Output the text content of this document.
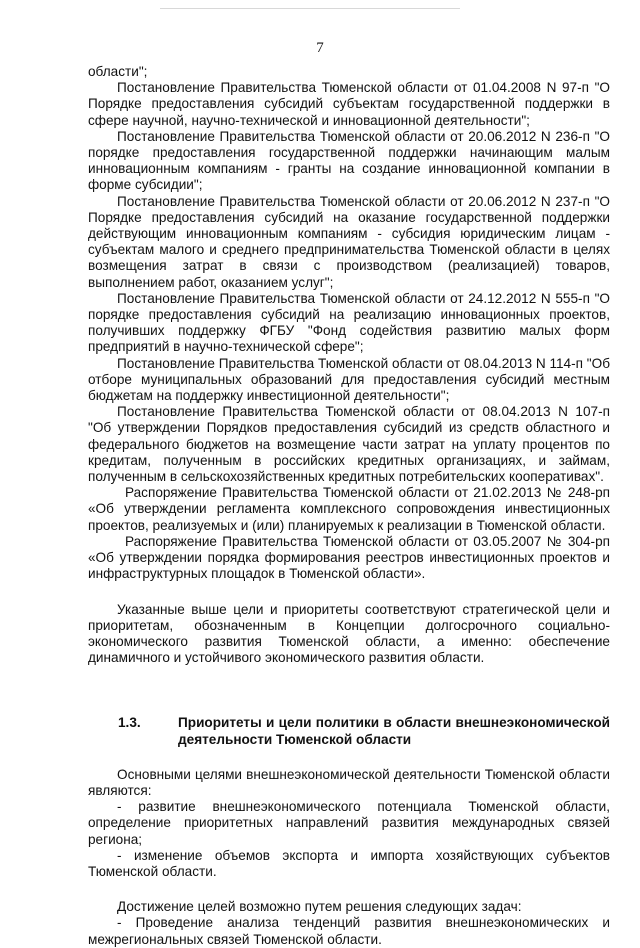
7

области";

Постановление Правительства Тюменской области от 01.04.2008 N 97-п "О Порядке предоставления субсидий субъектам государственной поддержки в сфере научной, научно-технической и инновационной деятельности";

Постановление Правительства Тюменской области от 20.06.2012 N 236-п "О порядке предоставления государственной поддержки начинающим малым инновационным компаниям - гранты на создание инновационной компании в форме субсидии";

Постановление Правительства Тюменской области от 20.06.2012 N 237-п "О Порядке предоставления субсидий на оказание государственной поддержки действующим инновационным компаниям - субсидия юридическим лицам - субъектам малого и среднего предпринимательства Тюменской области в целях возмещения затрат в связи с производством (реализацией) товаров, выполнением работ, оказанием услуг";

Постановление Правительства Тюменской области от 24.12.2012 N 555-п "О порядке предоставления субсидий на реализацию инновационных проектов, получивших поддержку ФГБУ "Фонд содействия развитию малых форм предприятий в научно-технической сфере";

Постановление Правительства Тюменской области от 08.04.2013 N 114-п "Об отборе муниципальных образований для предоставления субсидий местным бюджетам на поддержку инвестиционной деятельности";

Постановление Правительства Тюменской области от 08.04.2013 N 107-п "Об утверждении Порядков предоставления субсидий из средств областного и федерального бюджетов на возмещение части затрат на уплату процентов по кредитам, полученным в российских кредитных организациях, и займам, полученным в сельскохозяйственных кредитных потребительских кооперативах".

Распоряжение Правительства Тюменской области от 21.02.2013 № 248-рп «Об утверждении регламента комплексного сопровождения инвестиционных проектов, реализуемых и (или) планируемых к реализации в Тюменской области.

Распоряжение Правительства Тюменской области от 03.05.2007 № 304-рп «Об утверждении порядка формирования реестров инвестиционных проектов и инфраструктурных площадок в Тюменской области».

Указанные выше цели и приоритеты соответствуют стратегической цели и приоритетам, обозначенным в Концепции долгосрочного социально-экономического развития Тюменской области, а именно: обеспечение динамичного и устойчивого экономического развития области.

1.3.	Приоритеты и цели политики в области внешнеэкономической деятельности Тюменской области

Основными целями внешнеэкономической деятельности Тюменской области являются:

- развитие внешнеэкономического потенциала Тюменской области, определение приоритетных направлений развития международных связей региона;

- изменение объемов экспорта и импорта хозяйствующих субъектов Тюменской области.

Достижение целей возможно путем решения следующих задач:

- Проведение анализа тенденций развития внешнеэкономических и межрегиональных связей Тюменской области.
